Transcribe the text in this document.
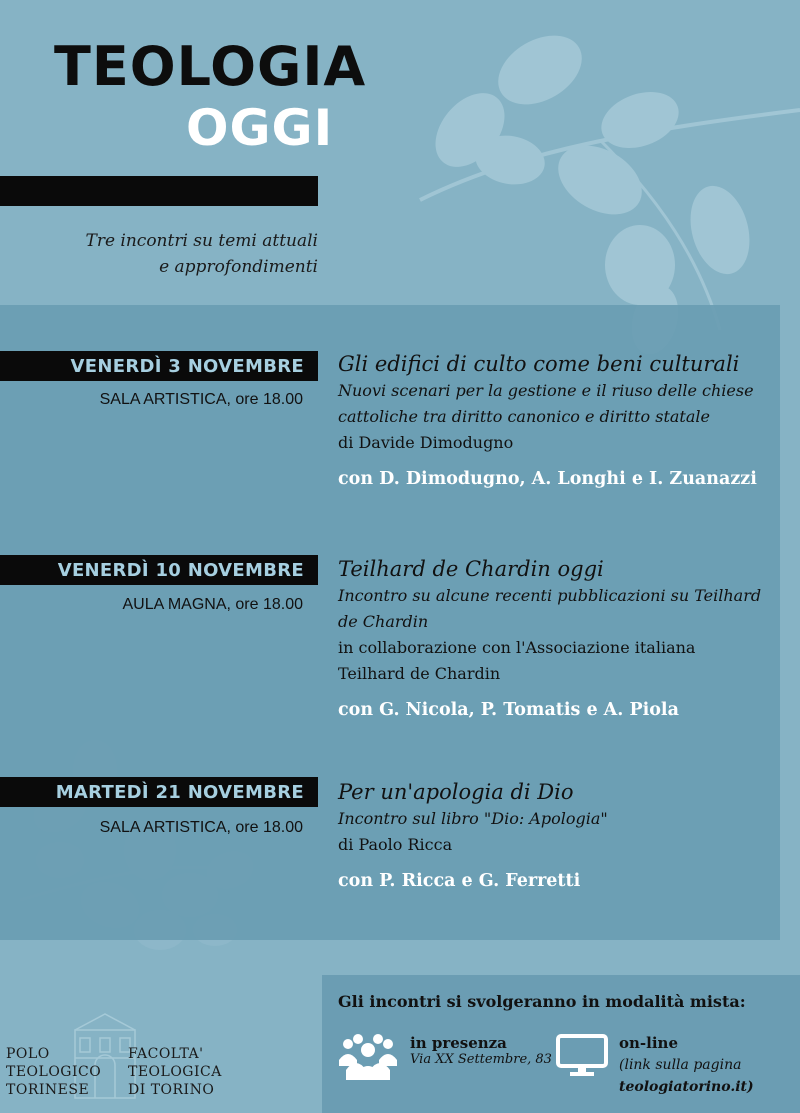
TEOLOGIA
OGGI
Tre incontri su temi attuali
e approfondimenti
VENERDÌ 3 NOVEMBRE
SALA ARTISTICA, ore 18.00

Gli edifici di culto come beni culturali

Nuovi scenari per la gestione e il riuso delle chiese

cattoliche tra diritto canonico e diritto statale

di Davide Dimodugno

con D. Dimodugno, A. Longhi e I. Zuanazzi

VENERDÌ 10 NOVEMBRE
AULA MAGNA, ore 18.00

Teilhard de Chardin oggi

Incontro su alcune recenti pubblicazioni su Teilhard

de Chardin

in collaborazione con l'Associazione italiana

Teilhard de Chardin

con G. Nicola, P. Tomatis e A. Piola

MARTEDÌ 21 NOVEMBRE
SALA ARTISTICA, ore 18.00

Per un'apologia di Dio

Incontro sul libro "Dio: Apologia"

di Paolo Ricca

con P. Ricca e G. Ferretti

Gli incontri si svolgeranno in modalità mista:
in presenza
Via XX Settembre, 83
on-line
(link sulla pagina
teologiatorino.it)
POLO
TEOLOGICO
TORINESE
FACOLTA'
TEOLOGICA
DI TORINO
